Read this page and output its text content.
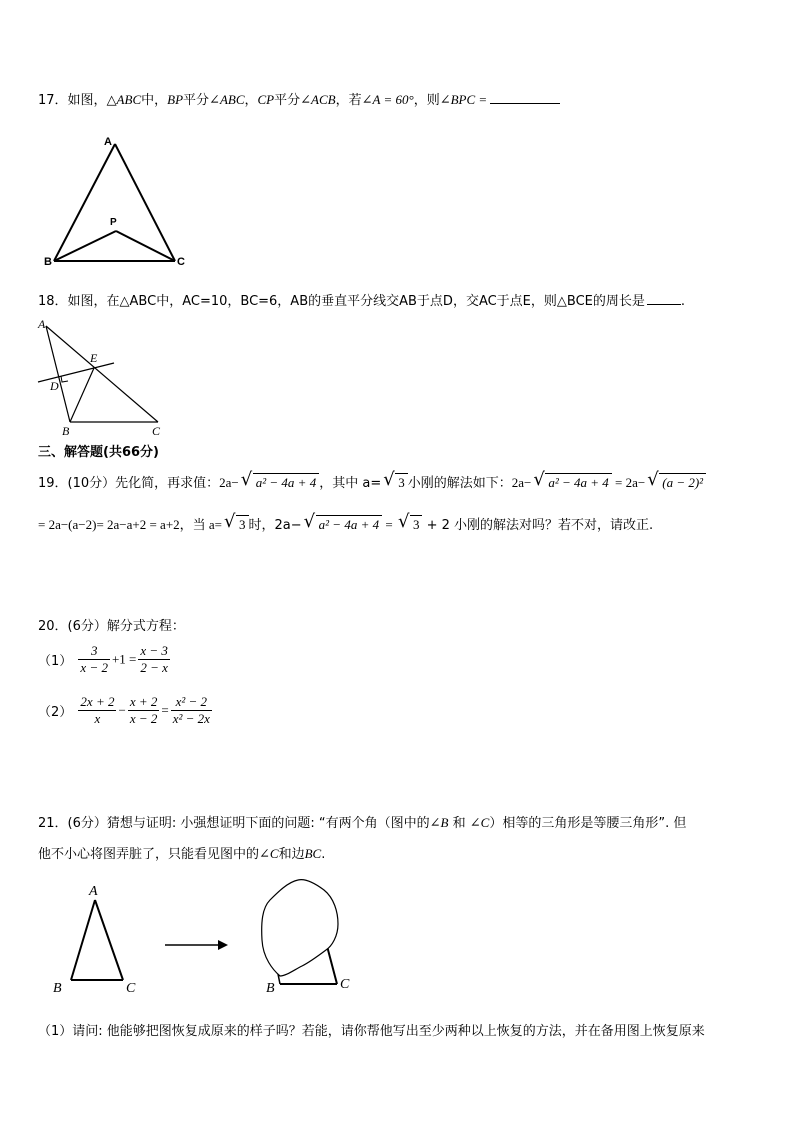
17．如图，△ABC中，BP平分∠ABC，CP平分∠ACB，若∠A = 60°，则∠BPC =
A
P
B	C
18．如图，在△ABC中，AC=10，BC=6，AB的垂直平分线交AB于点D，交AC于点E，则△BCE的周长是	.
A
E
D
B	C
三、解答题(共66分)
19．(10分）先化简，再求值：2a− √ a² − 4a + 4 ，其中 a= √ 3 小刚的解法如下：2a− √ a² − 4a + 4 = 2a− √ (a − 2)²
= 2a−(a−2)= 2a−a+2 = a+2，当 a= √ 3 时，2a− √ a² − 4a + 4 = √ 3 + 2 小刚的解法对吗？若不对，请改正.
20．(6分）解分式方程：
$(1) \frac{3}{x - 2} +1 = \frac{x - 3}{2 - x}$
$(2) \frac{2x + 2}{x} - \frac{x + 2}{x - 2} = \frac{\text{x² − 2}}{\text{x² − 2x}}$
21．(6分）猜想与证明: 小强想证明下面的问题: “有两个角（图中的∠B 和 ∠C）相等的三角形是等腰三角形”. 但
他不小心将图弄脏了，只能看见图中的∠C和边BC.
A
B	C	B	C
（1）请问: 他能够把图恢复成原来的样子吗？若能，请你帮他写出至少两种以上恢复的方法，并在备用图上恢复原来
